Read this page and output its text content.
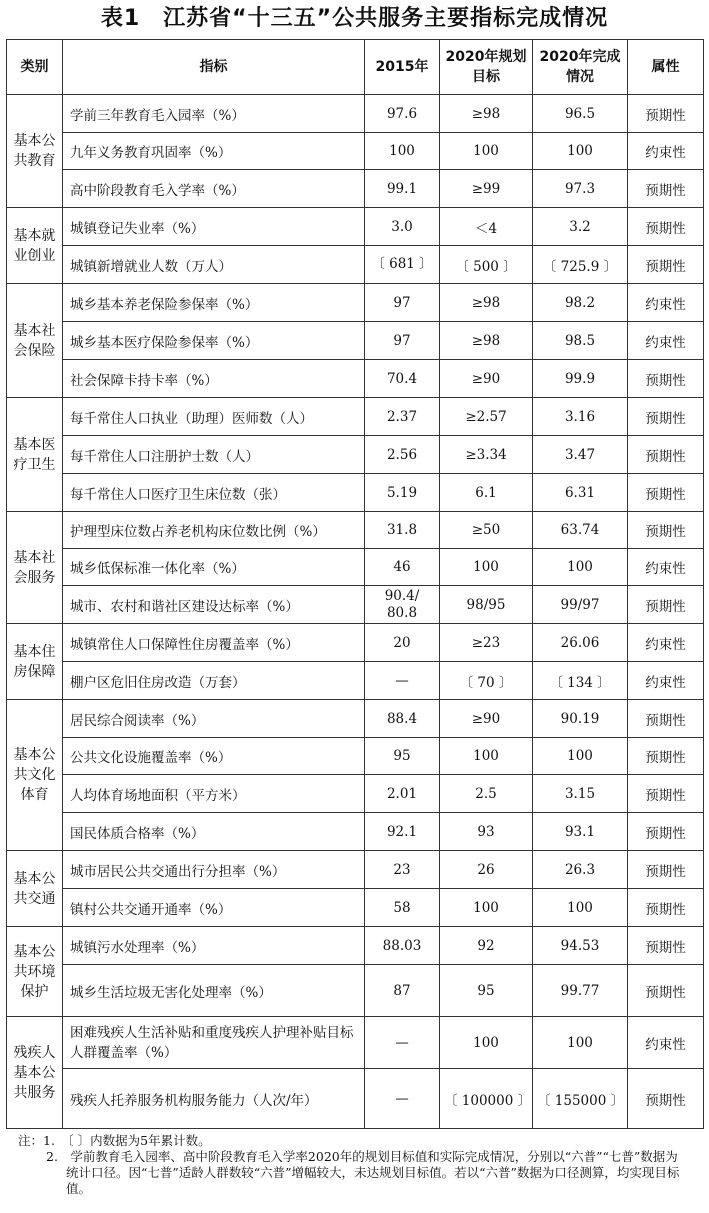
表1　江苏省“十三五”公共服务主要指标完成情况
类别	指标	2015年	2020年规划目标	2020年完成情况	属性
基本公共教育	学前三年教育毛入园率（%）	97.6	≥98	96.5	预期性
	九年义务教育巩固率（%）	100	100	100	约束性
	高中阶段教育毛入学率（%）	99.1	≥99	97.3	预期性
基本就业创业	城镇登记失业率（%）	3.0	＜4	3.2	预期性
	城镇新增就业人数（万人）	〔 681 〕	〔 500 〕	〔 725.9 〕	预期性
基本社会保险	城乡基本养老保险参保率（%）	97	≥98	98.2	约束性
	城乡基本医疗保险参保率（%）	97	≥98	98.5	约束性
	社会保障卡持卡率（%）	70.4	≥90	99.9	预期性
基本医疗卫生	每千常住人口执业（助理）医师数（人）	2.37	≥2.57	3.16	预期性
	每千常住人口注册护士数（人）	2.56	≥3.34	3.47	预期性
	每千常住人口医疗卫生床位数（张）	5.19	6.1	6.31	预期性
基本社会服务	护理型床位数占养老机构床位数比例（%）	31.8	≥50	63.74	预期性
	城乡低保标准一体化率（%）	46	100	100	约束性
	城市、农村和谐社区建设达标率（%）	90.4/ 80.8	98/95	99/97	预期性
基本住房保障	城镇常住人口保障性住房覆盖率（%）	20	≥23	26.06	约束性
	棚户区危旧住房改造（万套）	—	〔 70 〕	〔 134 〕	约束性
基本公共文化体育	居民综合阅读率（%）	88.4	≥90	90.19	预期性
	公共文化设施覆盖率（%）	95	100	100	预期性
	人均体育场地面积（平方米）	2.01	2.5	3.15	预期性
	国民体质合格率（%）	92.1	93	93.1	预期性
基本公共交通	城市居民公共交通出行分担率（%）	23	26	26.3	预期性
	镇村公共交通开通率（%）	58	100	100	预期性
基本公共环境保护	城镇污水处理率（%）	88.03	92	94.53	预期性
	城乡生活垃圾无害化处理率（%）	87	95	99.77	预期性
残疾人基本公共服务	困难残疾人生活补贴和重度残疾人护理补贴目标人群覆盖率（%）	—	100	100	约束性
	残疾人托养服务机构服务能力（人次/年）	—	〔 100000 〕	〔 155000 〕	预期性
注：1.　〔 〕内数据为5年累计数。
2.　学前教育毛入园率、高中阶段教育毛入学率2020年的规划目标值和实际完成情况，分别以“六普”“七普”数据为统计口径。因“七普”适龄人群数较“六普”增幅较大，未达规划目标值。若以“六普”数据为口径测算，均实现目标值。
